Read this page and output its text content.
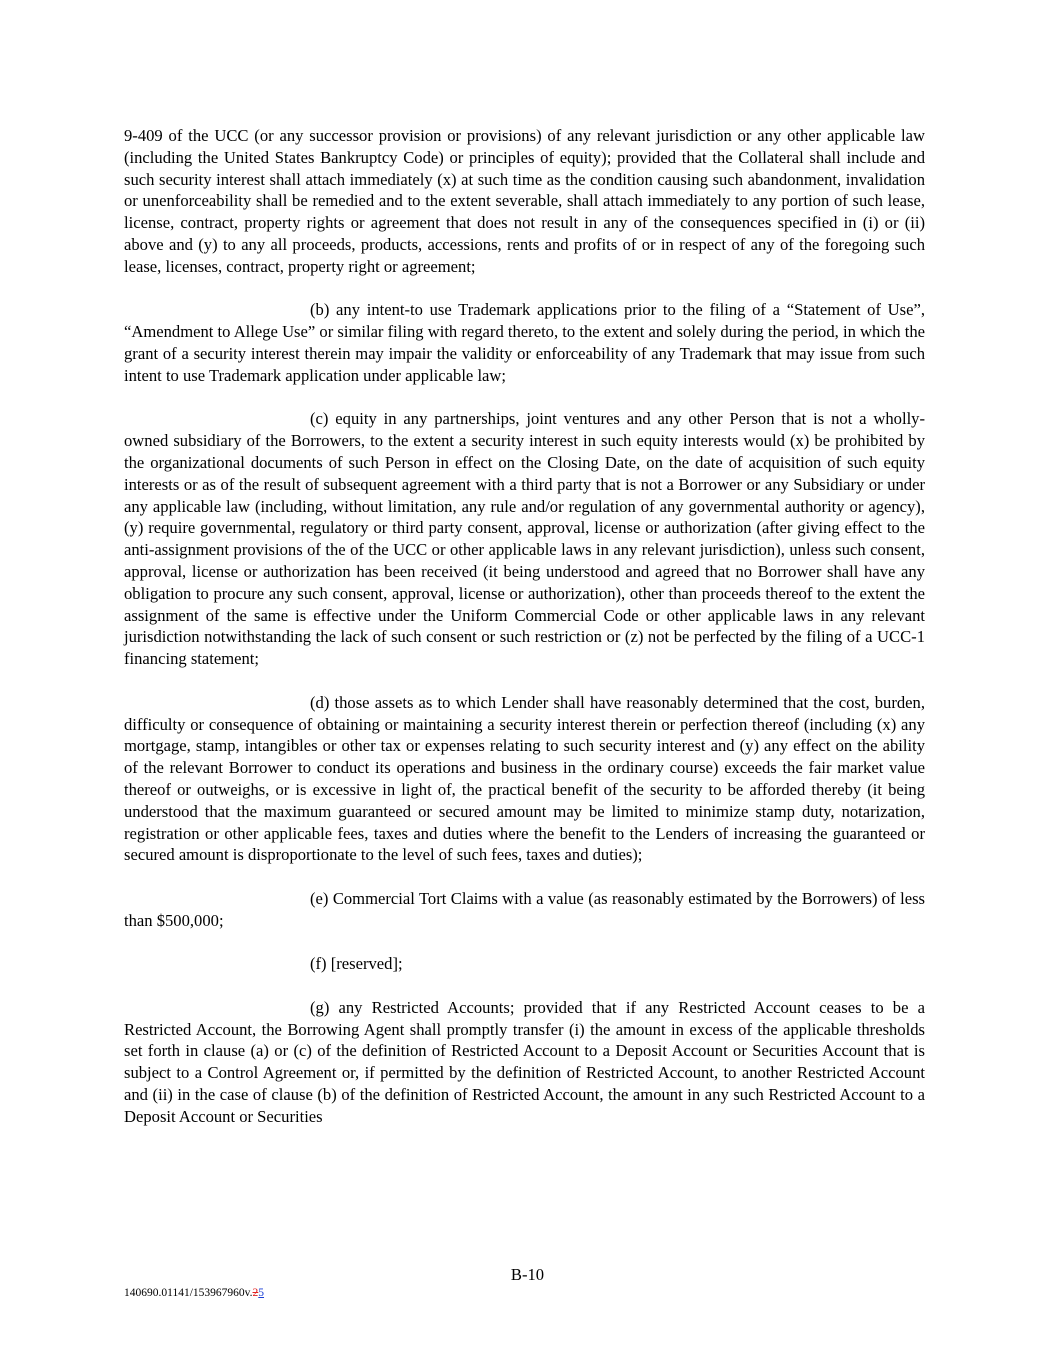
9-409 of the UCC (or any successor provision or provisions) of any relevant jurisdiction or any other applicable law (including the United States Bankruptcy Code) or principles of equity); provided that the Collateral shall include and such security interest shall attach immediately (x) at such time as the condition causing such abandonment, invalidation or unenforceability shall be remedied and to the extent severable, shall attach immediately to any portion of such lease, license, contract, property rights or agreement that does not result in any of the consequences specified in (i) or (ii) above and (y) to any all proceeds, products, accessions, rents and profits of or in respect of any of the foregoing such lease, licenses, contract, property right or agreement;

(b) any intent-to use Trademark applications prior to the filing of a “Statement of Use”, “Amendment to Allege Use” or similar filing with regard thereto, to the extent and solely during the period, in which the grant of a security interest therein may impair the validity or enforceability of any Trademark that may issue from such intent to use Trademark application under applicable law;

(c) equity in any partnerships, joint ventures and any other Person that is not a wholly-owned subsidiary of the Borrowers, to the extent a security interest in such equity interests would (x) be prohibited by the organizational documents of such Person in effect on the Closing Date, on the date of acquisition of such equity interests or as of the result of subsequent agreement with a third party that is not a Borrower or any Subsidiary or under any applicable law (including, without limitation, any rule and/or regulation of any governmental authority or agency), (y) require governmental, regulatory or third party consent, approval, license or authorization (after giving effect to the anti-assignment provisions of the of the UCC or other applicable laws in any relevant jurisdiction), unless such consent, approval, license or authorization has been received (it being understood and agreed that no Borrower shall have any obligation to procure any such consent, approval, license or authorization), other than proceeds thereof to the extent the assignment of the same is effective under the Uniform Commercial Code or other applicable laws in any relevant jurisdiction notwithstanding the lack of such consent or such restriction or (z) not be perfected by the filing of a UCC-1 financing statement;

(d) those assets as to which Lender shall have reasonably determined that the cost, burden, difficulty or consequence of obtaining or maintaining a security interest therein or perfection thereof (including (x) any mortgage, stamp, intangibles or other tax or expenses relating to such security interest and (y) any effect on the ability of the relevant Borrower to conduct its operations and business in the ordinary course) exceeds the fair market value thereof or outweighs, or is excessive in light of, the practical benefit of the security to be afforded thereby (it being understood that the maximum guaranteed or secured amount may be limited to minimize stamp duty, notarization, registration or other applicable fees, taxes and duties where the benefit to the Lenders of increasing the guaranteed or secured amount is disproportionate to the level of such fees, taxes and duties);

(e) Commercial Tort Claims with a value (as reasonably estimated by the Borrowers) of less than $500,000;

(f) [reserved];

(g) any Restricted Accounts; provided that if any Restricted Account ceases to be a Restricted Account, the Borrowing Agent shall promptly transfer (i) the amount in excess of the applicable thresholds set forth in clause (a) or (c) of the definition of Restricted Account to a Deposit Account or Securities Account that is subject to a Control Agreement or, if permitted by the definition of Restricted Account, to another Restricted Account and (ii) in the case of clause (b) of the definition of Restricted Account, the amount in any such Restricted Account to a Deposit Account or Securities

B-10
140690.01141/153967960v.25
